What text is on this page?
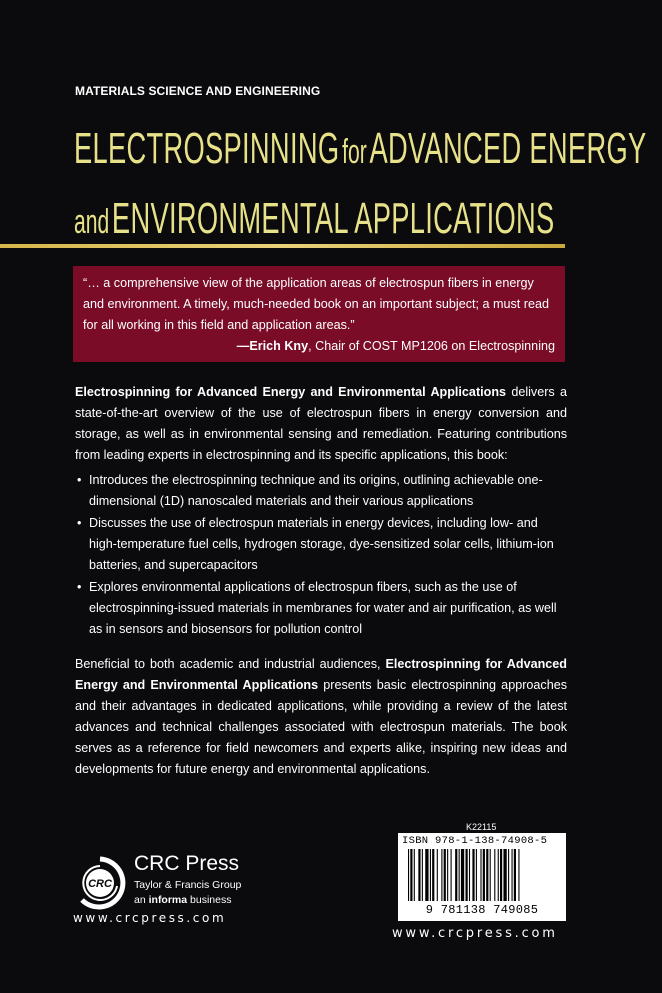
MATERIALS SCIENCE AND ENGINEERING
ELECTROSPINNING for ADVANCED ENERGY
and ENVIRONMENTAL APPLICATIONS
“… a comprehensive view of the application areas of electrospun fibers in energy and environment. A timely, much-needed book on an important subject; a must read for all working in this field and application areas.”
—Erich Kny, Chair of COST MP1206 on Electrospinning

Electrospinning for Advanced Energy and Environmental Applications delivers a state-of-the-art overview of the use of electrospun fibers in energy conversion and storage, as well as in environmental sensing and remediation. Featuring contributions from leading experts in electrospinning and its specific applications, this book:

• Introduces the electrospinning technique and its origins, outlining achievable one-dimensional (1D) nanoscaled materials and their various applications
• Discusses the use of electrospun materials in energy devices, including low- and high-temperature fuel cells, hydrogen storage, dye-sensitized solar cells, lithium-ion batteries, and supercapacitors
• Explores environmental applications of electrospun fibers, such as the use of electrospinning-issued materials in membranes for water and air purification, as well as in sensors and biosensors for pollution control

Beneficial to both academic and industrial audiences, Electrospinning for Advanced Energy and Environmental Applications presents basic electrospinning approaches and their advantages in dedicated applications, while providing a review of the latest advances and technical challenges associated with electrospun materials. The book serves as a reference for field newcomers and experts alike, inspiring new ideas and developments for future energy and environmental applications.

CRC
CRC Press
Taylor & Francis Group
an informa business
www.crcpress.com
K22115
ISBN 978-1-138-74908-5
9 781138 749085
www.crcpress.com
